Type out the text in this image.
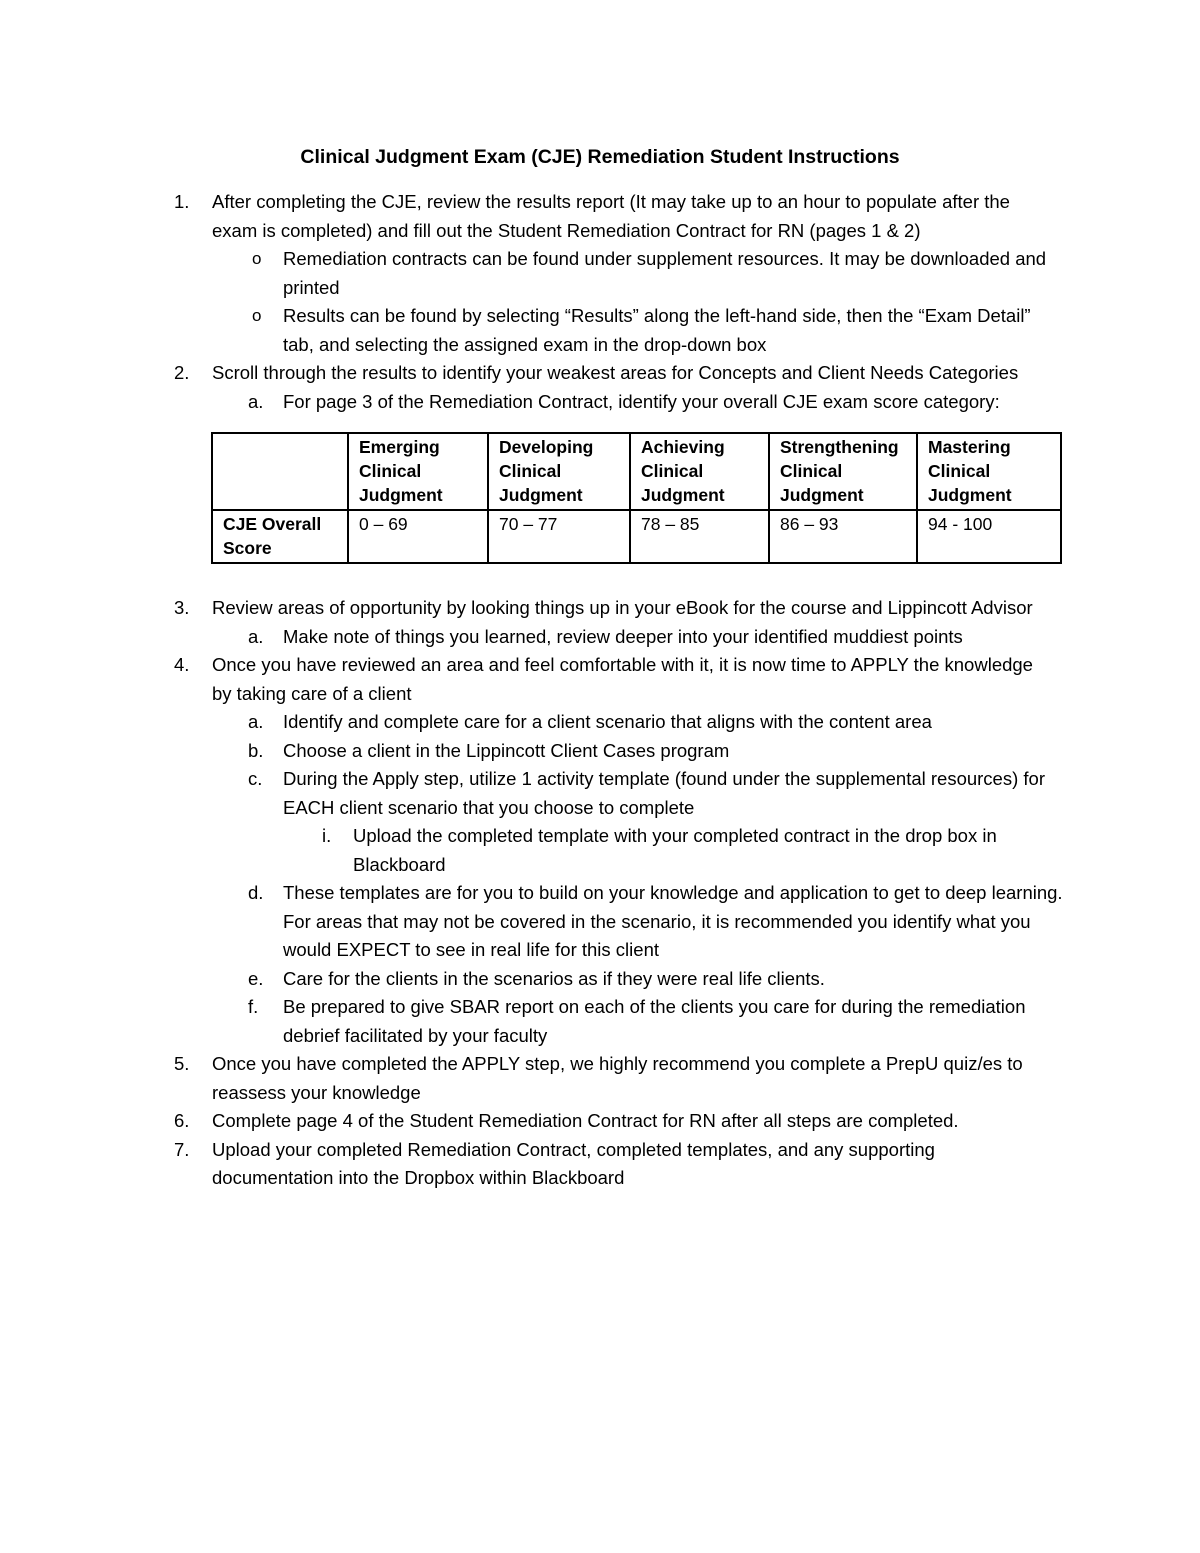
Clinical Judgment Exam (CJE) Remediation Student Instructions
1. After completing the CJE, review the results report (It may take up to an hour to populate after the exam is completed) and fill out the Student Remediation Contract for RN (pages 1 & 2)
o Remediation contracts can be found under supplement resources. It may be downloaded and printed
o Results can be found by selecting “Results” along the left-hand side, then the “Exam Detail” tab, and selecting the assigned exam in the drop-down box
2. Scroll through the results to identify your weakest areas for Concepts and Client Needs Categories
a. For page 3 of the Remediation Contract, identify your overall CJE exam score category:
	Emerging Clinical Judgment	Developing Clinical Judgment	Achieving Clinical Judgment	Strengthening Clinical Judgment	Mastering Clinical Judgment
CJE Overall Score	0 – 69	70 – 77	78 – 85	86 – 93	94 - 100
3. Review areas of opportunity by looking things up in your eBook for the course and Lippincott Advisor
a. Make note of things you learned, review deeper into your identified muddiest points
4. Once you have reviewed an area and feel comfortable with it, it is now time to APPLY the knowledge by taking care of a client
a. Identify and complete care for a client scenario that aligns with the content area
b. Choose a client in the Lippincott Client Cases program
c. During the Apply step, utilize 1 activity template (found under the supplemental resources) for EACH client scenario that you choose to complete
i. Upload the completed template with your completed contract in the drop box in Blackboard
d. These templates are for you to build on your knowledge and application to get to deep learning. For areas that may not be covered in the scenario, it is recommended you identify what you would EXPECT to see in real life for this client
e. Care for the clients in the scenarios as if they were real life clients.
f. Be prepared to give SBAR report on each of the clients you care for during the remediation debrief facilitated by your faculty
5. Once you have completed the APPLY step, we highly recommend you complete a PrepU quiz/es to reassess your knowledge
6. Complete page 4 of the Student Remediation Contract for RN after all steps are completed.
7. Upload your completed Remediation Contract, completed templates, and any supporting documentation into the Dropbox within Blackboard
